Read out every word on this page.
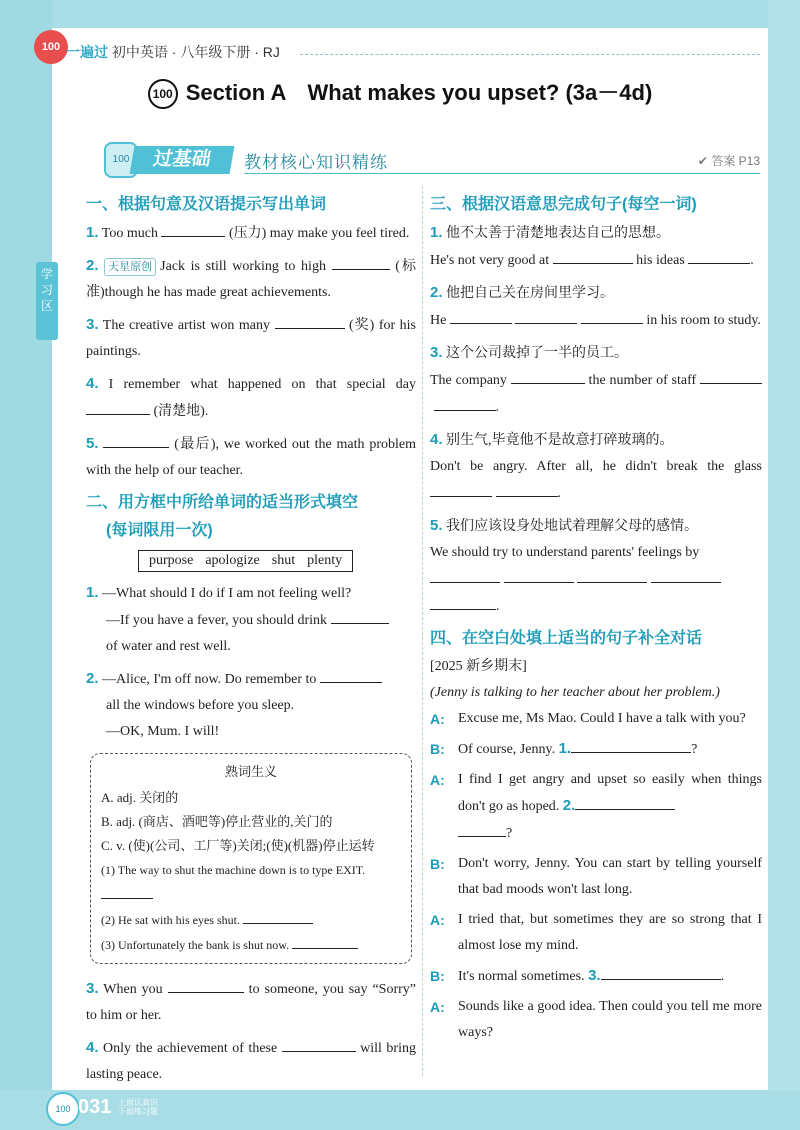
100 一遍过 初中英语 · 八年级下册 · RJ
100 Section A　What makes you upset? (3a－4d)
学习区
100	过基础	教材核心知识精练	✔ 答案 P13
一、根据句意及汉语提示写出单词
1. Too much	(压力) may make you feel tired.
2. 天星原创 Jack is still working to high	(标准)though he has made great achievements.
3. The creative artist won many	(奖) for his paintings.
4. I remember what happened on that special day  (清楚地).
5.	(最后), we worked out the math problem with the help of our teacher.
二、用方框中所给单词的适当形式填空
(每词限用一次)
purpose apologize shut plenty
1. —What should I do if I am not feeling well?
—If you have a fever, you should drink
of water and rest well.
2. —Alice, I'm off now. Do remember to
all the windows before you sleep.
—OK, Mum. I will!
熟词生义
A. adj. 关闭的
B. adj. (商店、酒吧等)停止营业的,关门的
C. v. (使)(公司、工厂等)关闭;(使)(机器)停止运转
(1) The way to shut the machine down is to type EXIT.
(2) He sat with his eyes shut.
(3) Unfortunately the bank is shut now.
3. When you	to someone, you say “Sorry” to him or her.
4. Only the achievement of these	will bring lasting peace.
三、根据汉语意思完成句子(每空一词)
1. 他不太善于清楚地表达自己的思想。
He's not very good at	his ideas	.
2. 他把自己关在房间里学习。
He	in his room to study.
3. 这个公司裁掉了一半的员工。
The company	the number of staff  .
4. 别生气,毕竟他不是故意打碎玻璃的。
Don't be angry. After all, he didn't break the glass  .
5. 我们应该设身处地试着理解父母的感情。
We should try to understand parents' feelings by

.
四、在空白处填上适当的句子补全对话
[2025 新乡期末]
(Jenny is talking to her teacher about her problem.)
A: Excuse me, Ms Mao. Could I have a talk with you?
B: Of course, Jenny. 1.	?
A: I find I get angry and upset so easily when things don't go as hoped. 2.
?
B: Don't worry, Jenny. You can start by telling yourself that bad moods won't last long.
A: I tried that, but sometimes they are so strong that I almost lose my mind.
B: It's normal sometimes. 3.	.
A: Sounds like a good idea. Then could you tell me more ways?
100 031 上面认真识 下面练习题
